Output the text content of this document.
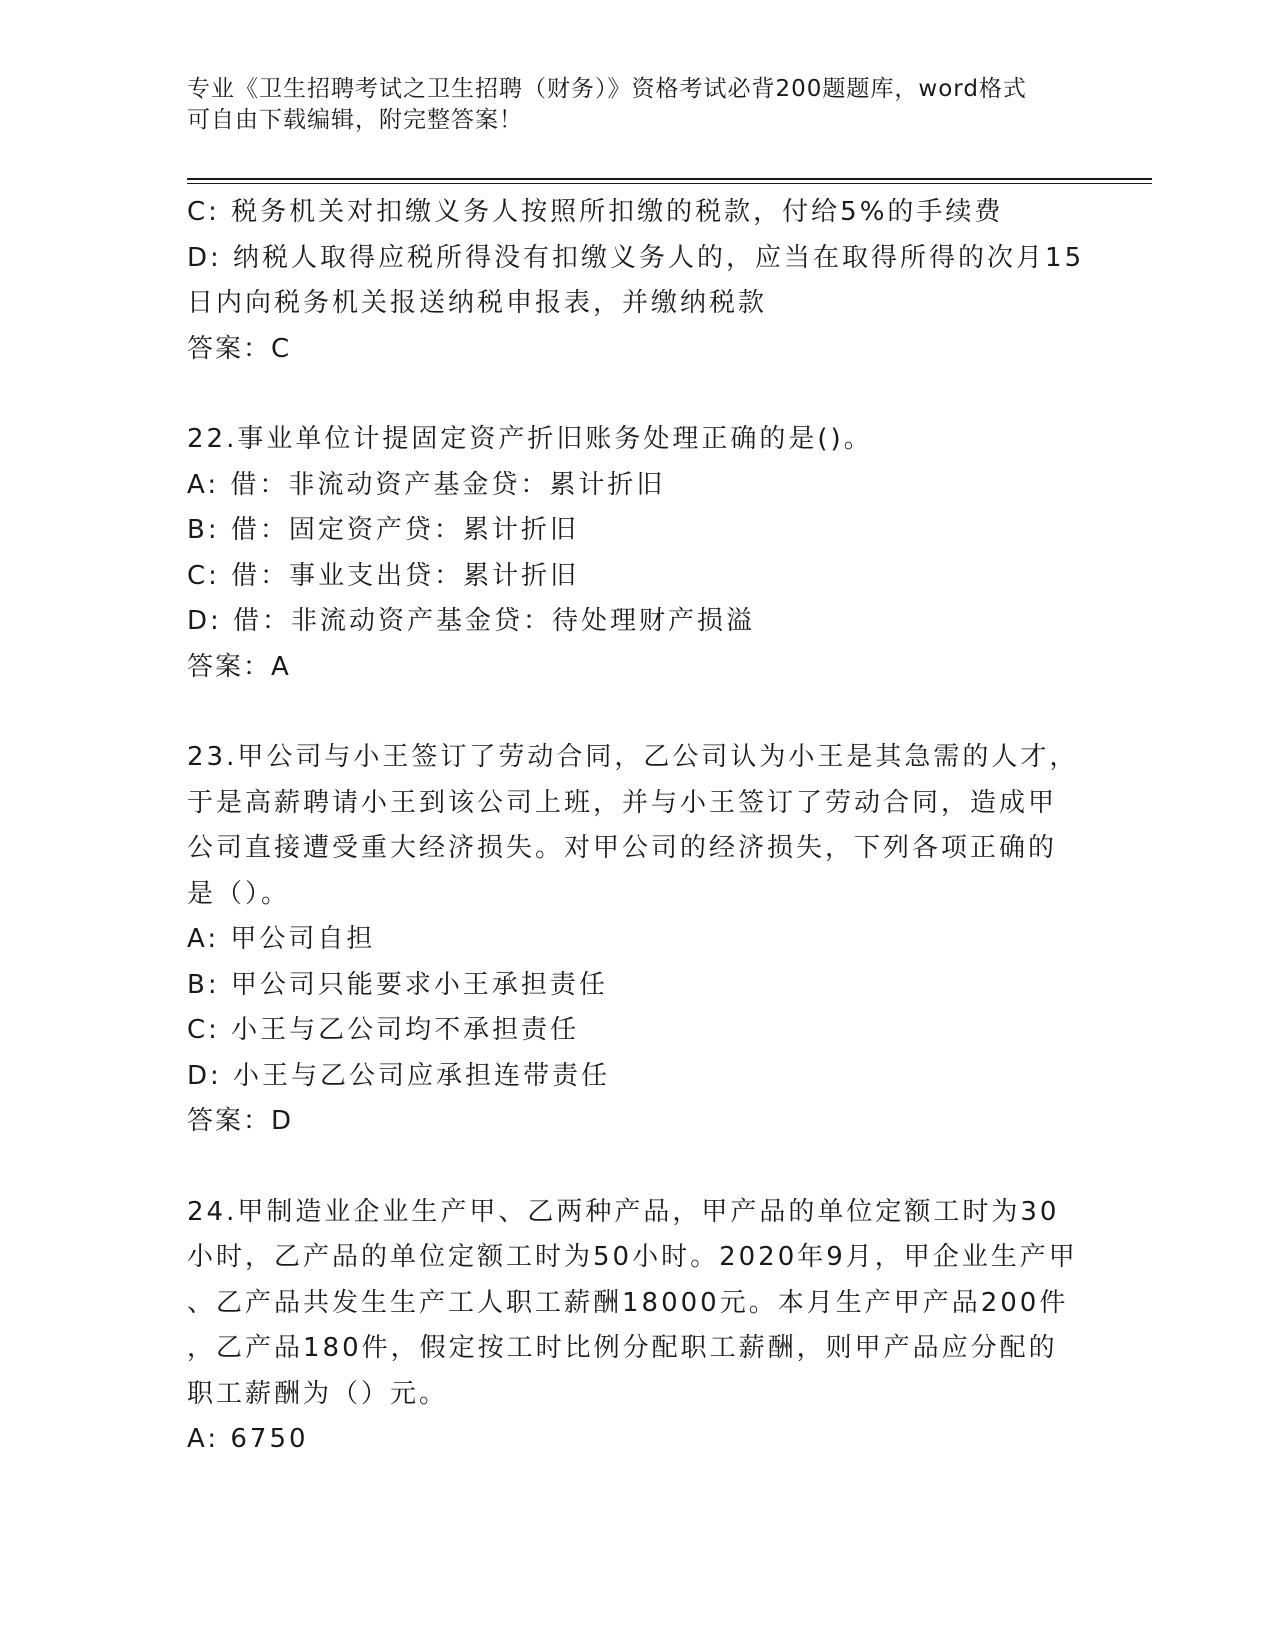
专业《卫生招聘考试之卫生招聘（财务）》资格考试必背200题题库，word格式
可自由下载编辑，附完整答案！
C: 税务机关对扣缴义务人按照所扣缴的税款，付给5%的手续费
D: 纳税人取得应税所得没有扣缴义务人的，应当在取得所得的次月15
日内向税务机关报送纳税申报表，并缴纳税款
答案：C
22.事业单位计提固定资产折旧账务处理正确的是()。
A: 借：非流动资产基金贷：累计折旧
B: 借：固定资产贷：累计折旧
C: 借：事业支出贷：累计折旧
D: 借：非流动资产基金贷：待处理财产损溢
答案：A
23.甲公司与小王签订了劳动合同，乙公司认为小王是其急需的人才，
于是高薪聘请小王到该公司上班，并与小王签订了劳动合同，造成甲
公司直接遭受重大经济损失。对甲公司的经济损失，下列各项正确的
是（）。
A: 甲公司自担
B: 甲公司只能要求小王承担责任
C: 小王与乙公司均不承担责任
D: 小王与乙公司应承担连带责任
答案：D
24.甲制造业企业生产甲、乙两种产品，甲产品的单位定额工时为30
小时，乙产品的单位定额工时为50小时。2020年9月，甲企业生产甲
、乙产品共发生生产工人职工薪酬18000元。本月生产甲产品200件
，乙产品180件，假定按工时比例分配职工薪酬，则甲产品应分配的
职工薪酬为（）元。
A: 6750
